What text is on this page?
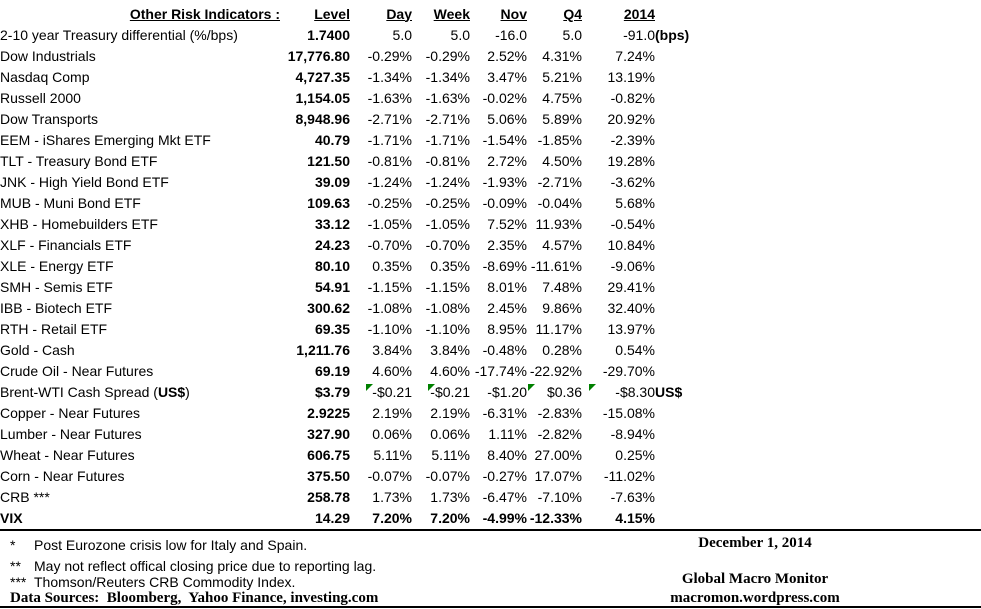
Other Risk Indicators :	Level	Day	Week	Nov	Q4	2014	
2-10 year Treasury differential (%/bps)	1.7400	5.0	5.0	-16.0	5.0	-91.0	(bps)
Dow Industrials	17,776.80	-0.29%	-0.29%	2.52%	4.31%	7.24%	
Nasdaq Comp	4,727.35	-1.34%	-1.34%	3.47%	5.21%	13.19%	
Russell 2000	1,154.05	-1.63%	-1.63%	-0.02%	4.75%	-0.82%	
Dow Transports	8,948.96	-2.71%	-2.71%	5.06%	5.89%	20.92%	
EEM - iShares Emerging Mkt ETF	40.79	-1.71%	-1.71%	-1.54%	-1.85%	-2.39%	
TLT - Treasury Bond ETF	121.50	-0.81%	-0.81%	2.72%	4.50%	19.28%	
JNK - High Yield Bond ETF	39.09	-1.24%	-1.24%	-1.93%	-2.71%	-3.62%	
MUB - Muni Bond ETF	109.63	-0.25%	-0.25%	-0.09%	-0.04%	5.68%	
XHB - Homebuilders ETF	33.12	-1.05%	-1.05%	7.52%	11.93%	-0.54%	
XLF - Financials ETF	24.23	-0.70%	-0.70%	2.35%	4.57%	10.84%	
XLE - Energy ETF	80.10	0.35%	0.35%	-8.69%	-11.61%	-9.06%	
SMH - Semis ETF	54.91	-1.15%	-1.15%	8.01%	7.48%	29.41%	
IBB - Biotech ETF	300.62	-1.08%	-1.08%	2.45%	9.86%	32.40%	
RTH - Retail ETF	69.35	-1.10%	-1.10%	8.95%	11.17%	13.97%	
Gold - Cash	1,211.76	3.84%	3.84%	-0.48%	0.28%	0.54%	
Crude Oil - Near Futures	69.19	4.60%	4.60%	-17.74%	-22.92%	-29.70%	
Brent-WTI Cash Spread (US$)	$3.79	-$0.21	-$0.21	-$1.20	$0.36	-$8.30	US$
Copper - Near Futures	2.9225	2.19%	2.19%	-6.31%	-2.83%	-15.08%	
Lumber - Near Futures	327.90	0.06%	0.06%	1.11%	-2.82%	-8.94%	
Wheat - Near Futures	606.75	5.11%	5.11%	8.40%	27.00%	0.25%	
Corn - Near Futures	375.50	-0.07%	-0.07%	-0.27%	17.07%	-11.02%	
CRB ***	258.78	1.73%	1.73%	-6.47%	-7.10%	-7.63%	
VIX	14.29	7.20%	7.20%	-4.99%	-12.33%	4.15%	
* Post Eurozone crisis low for Italy and Spain.
** May not reflect offical closing price due to reporting lag.
*** Thomson/Reuters CRB Commodity Index.
Data Sources:  Bloomberg,  Yahoo Finance, investing.com
December 1, 2014
Global Macro Monitor
macromon.wordpress.com
